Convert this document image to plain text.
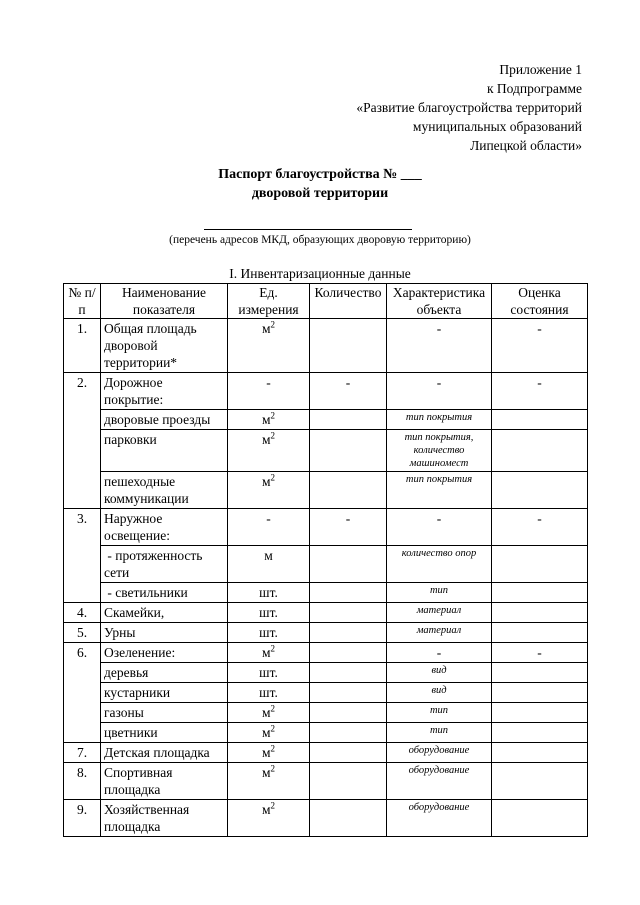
Приложение 1
к Подпрограмме
«Развитие благоустройства территорий
муниципальных образований
Липецкой области»
Паспорт благоустройства № ___
дворовой территории
(перечень адресов МКД, образующих дворовую территорию)
I. Инвентаризационные данные
№ п/п	Наименование показателя	Ед. измерения	Количество	Характеристика объекта	Оценка состояния
1.	Общая площадь дворовой территории*	$м^2$		-	-
2.	Дорожное покрытие:	-	-	-	-
	дворовые проезды	$м^2$		тип покрытия	
	парковки	$м^2$		тип покрытия, количество машиномест	
	пешеходные коммуникации	$м^2$		тип покрытия	
3.	Наружное освещение:	-	-	-	-
	- протяженность сети	м		количество опор	
	- светильники	шт.		тип	
4.	Скамейки,	шт.		материал	
5.	Урны	шт.		материал	
6.	Озеленение:	$м^2$		-	-
	деревья	шт.		вид	
	кустарники	шт.		вид	
	газоны	$м^2$		тип	
	цветники	$м^2$		тип	
7.	Детская площадка	$м^2$		оборудование	
8.	Спортивная площадка	$м^2$		оборудование	
9.	Хозяйственная площадка	$м^2$		оборудование	
